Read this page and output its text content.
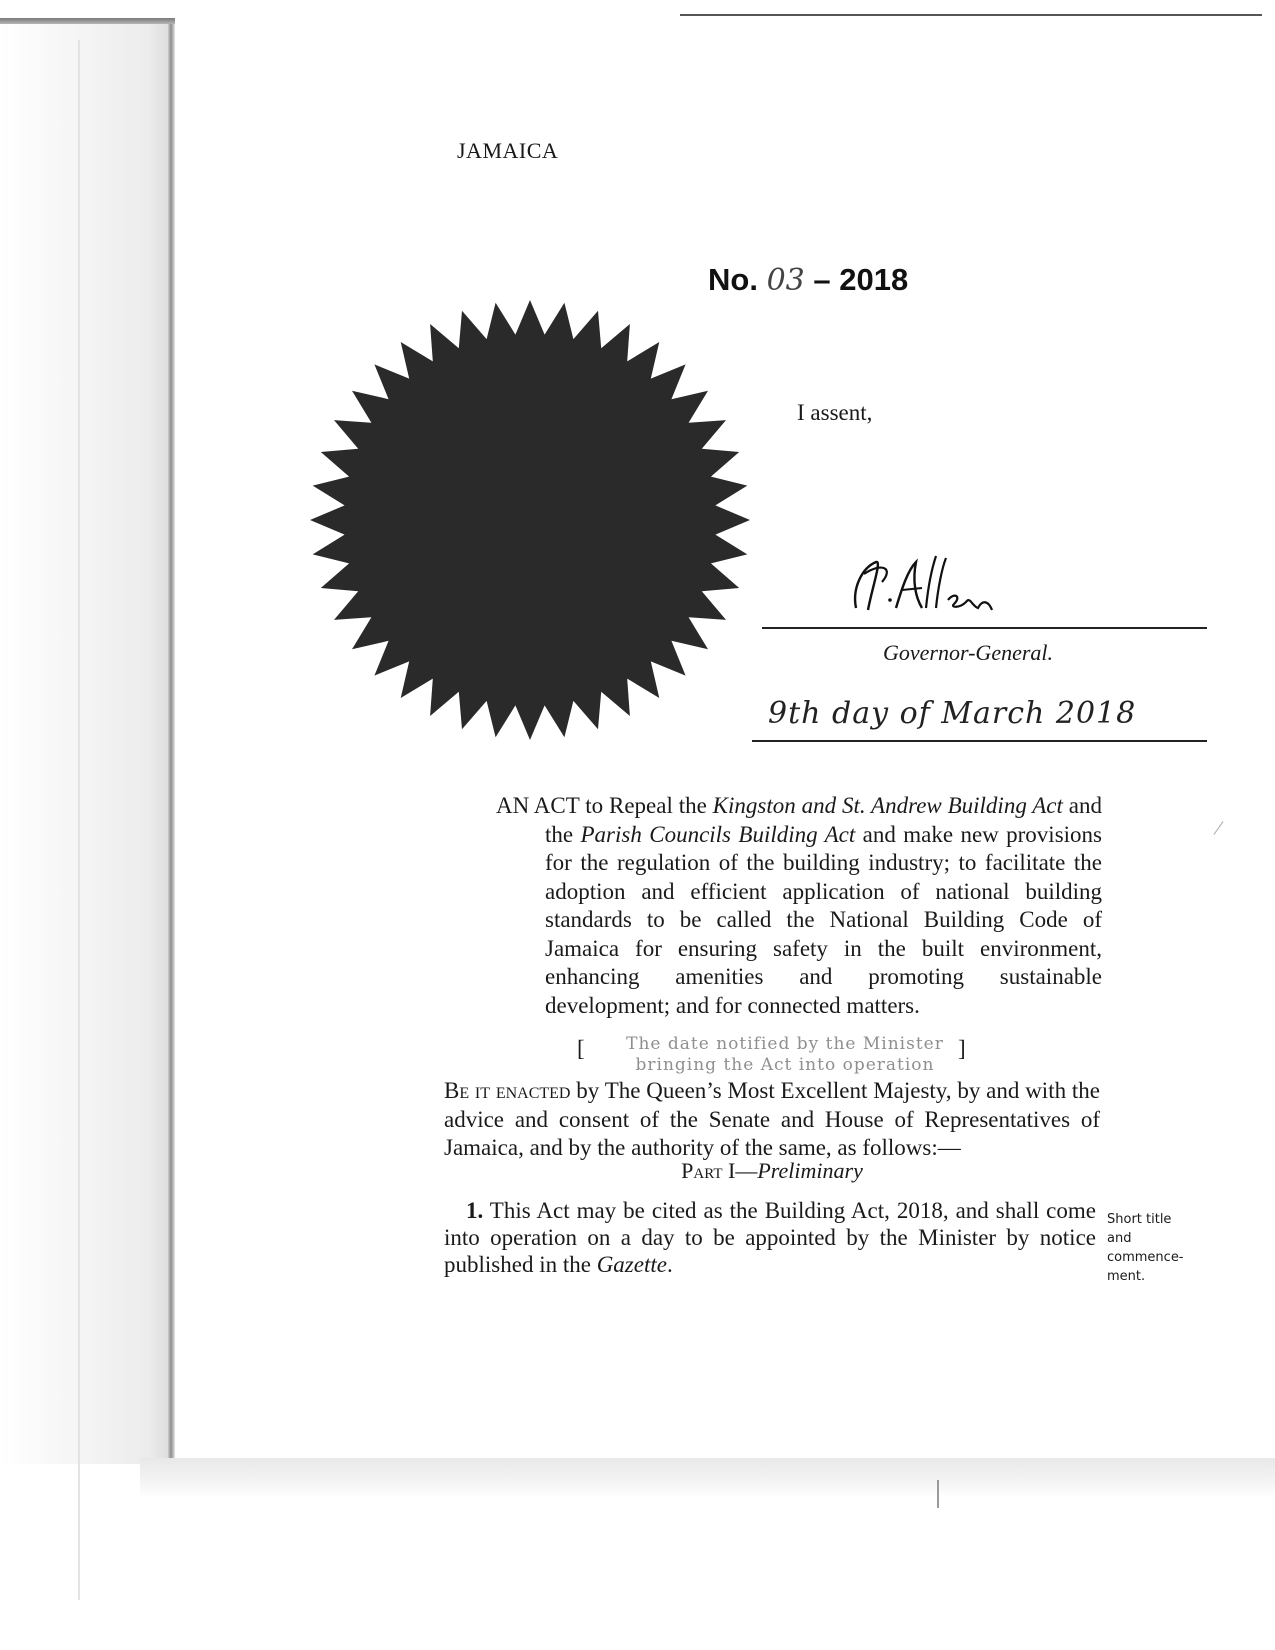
JAMAICA
No. 03 – 2018
I assent,
Governor-General.
9th day of March 2018
AN ACT to Repeal the Kingston and St. Andrew Building Act and the Parish Councils Building Act and make new provisions for the regulation of the building industry; to facilitate the adoption and efficient application of national building standards to be called the National Building Code of Jamaica for ensuring safety in the built environment, enhancing amenities and promoting sustainable development; and for connected matters.
[	The date notified by the Minister
bringing the Act into operation
]
Be it enacted by The Queen’s Most Excellent Majesty, by and with the advice and consent of the Senate and House of Representatives of Jamaica, and by the authority of the same, as follows:—
Part I—Preliminary
1. This Act may be cited as the Building Act, 2018, and shall come into operation on a day to be appointed by the Minister by notice published in the Gazette.
Short title
and
commence-
ment.
